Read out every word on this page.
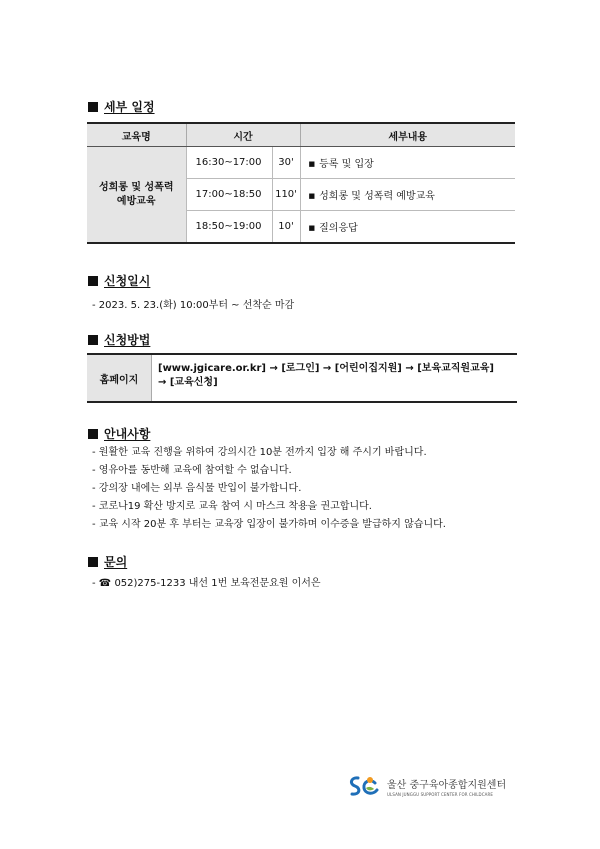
세부 일정
교육명	시간		세부내용

성희롱 및 성폭력
예방교육	16:30~17:00	30'	■ 등록 및 입장
	17:00~18:50	110'	■ 성희롱 및 성폭력 예방교육
	18:50~19:00	10'	■ 질의응답
신청일시
- 2023. 5. 23.(화) 10:00부터 ~ 선착순 마감
신청방법
홈페이지
[www.jgicare.or.kr] → [로그인] → [어린이집지원] → [보육교직원교육]
→ [교육신청]
안내사항
- 원활한 교육 진행을 위하여 강의시간 10분 전까지 입장 해 주시기 바랍니다.
- 영유아를 동반해 교육에 참여할 수 없습니다.
- 강의장 내에는 외부 음식물 반입이 불가합니다.
- 코로나19 확산 방지로 교육 참여 시 마스크 착용을 권고합니다.
- 교육 시작 20분 후 부터는 교육장 입장이 불가하며 이수증을 발급하지 않습니다.
문의
- ☎ 052)275-1233 내선 1번 보육전문요원 이서은
울산 중구육아종합지원센터
ULSAN JUNGGU SUPPORT CENTER FOR CHILDCARE
